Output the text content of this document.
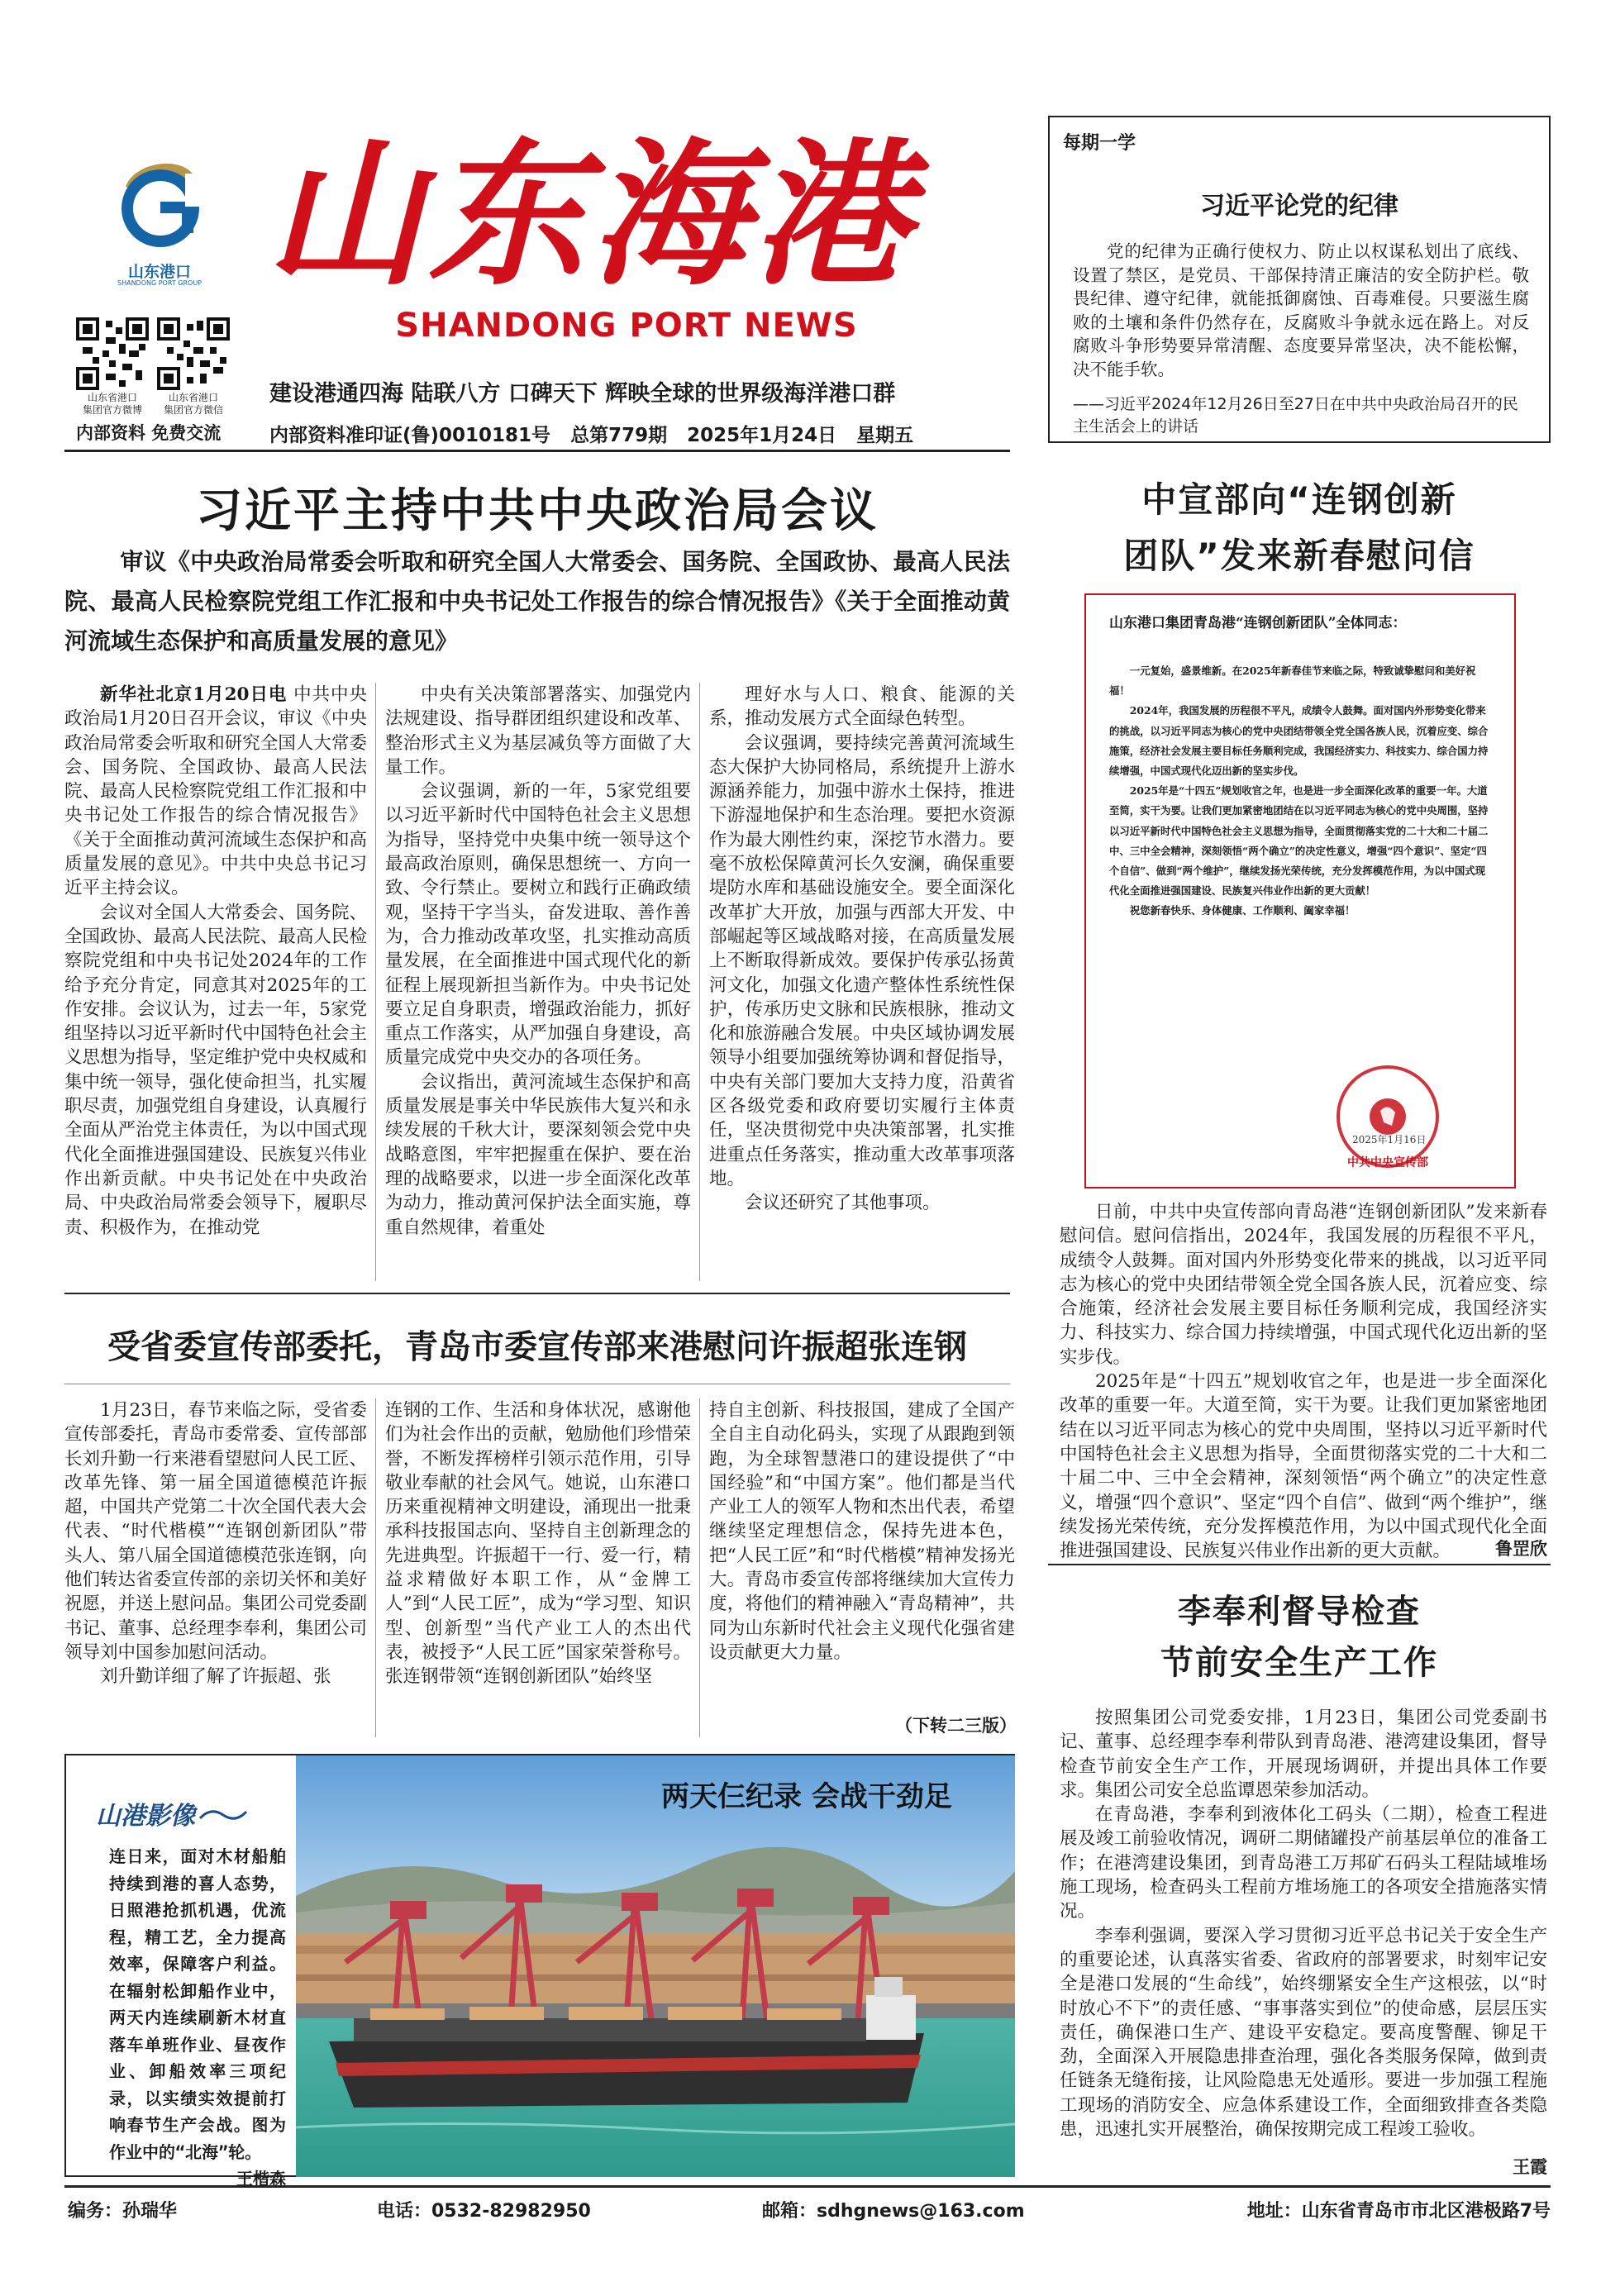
山东港口
SHANDONG PORT GROUP 山东海港
SHANDONG PORT NEWS
山东省港口
集团官方微博
山东省港口
集团官方微信
内部资料 免费交流
建设港通四海 陆联八方 口碑天下 辉映全球的世界级海洋港口群
内部资料准印证(鲁)0010181号 总第779期 2025年1月24日 星期五
每期一学
习近平论党的纪律
党的纪律为正确行使权力、防止以权谋私划出了底线、设置了禁区，是党员、干部保持清正廉洁的安全防护栏。敬畏纪律、遵守纪律，就能抵御腐蚀、百毒难侵。只要滋生腐败的土壤和条件仍然存在，反腐败斗争就永远在路上。对反腐败斗争形势要异常清醒、态度要异常坚决，决不能松懈，决不能手软。
——习近平2024年12月26日至27日在中共中央政治局召开的民主生活会上的讲话
习近平主持中共中央政治局会议
审议《中央政治局常委会听取和研究全国人大常委会、国务院、全国政协、最高人民法院、最高人民检察院党组工作汇报和中央书记处工作报告的综合情况报告》《关于全面推动黄河流域生态保护和高质量发展的意见》

新华社北京1月20日电 中共中央政治局1月20日召开会议，审议《中央政治局常委会听取和研究全国人大常委会、国务院、全国政协、最高人民法院、最高人民检察院党组工作汇报和中央书记处工作报告的综合情况报告》《关于全面推动黄河流域生态保护和高质量发展的意见》。中共中央总书记习近平主持会议。

会议对全国人大常委会、国务院、全国政协、最高人民法院、最高人民检察院党组和中央书记处2024年的工作给予充分肯定，同意其对2025年的工作安排。会议认为，过去一年，5家党组坚持以习近平新时代中国特色社会主义思想为指导，坚定维护党中央权威和集中统一领导，强化使命担当，扎实履职尽责，加强党组自身建设，认真履行全面从严治党主体责任，为以中国式现代化全面推进强国建设、民族复兴伟业作出新贡献。中央书记处在中央政治局、中央政治局常委会领导下，履职尽责、积极作为，在推动党

中央有关决策部署落实、加强党内法规建设、指导群团组织建设和改革、整治形式主义为基层减负等方面做了大量工作。

会议强调，新的一年，5家党组要以习近平新时代中国特色社会主义思想为指导，坚持党中央集中统一领导这个最高政治原则，确保思想统一、方向一致、令行禁止。要树立和践行正确政绩观，坚持干字当头，奋发进取、善作善为，合力推动改革攻坚，扎实推动高质量发展，在全面推进中国式现代化的新征程上展现新担当新作为。中央书记处要立足自身职责，增强政治能力，抓好重点工作落实，从严加强自身建设，高质量完成党中央交办的各项任务。

会议指出，黄河流域生态保护和高质量发展是事关中华民族伟大复兴和永续发展的千秋大计，要深刻领会党中央战略意图，牢牢把握重在保护、要在治理的战略要求，以进一步全面深化改革为动力，推动黄河保护法全面实施，尊重自然规律，着重处

理好水与人口、粮食、能源的关系，推动发展方式全面绿色转型。

会议强调，要持续完善黄河流域生态大保护大协同格局，系统提升上游水源涵养能力，加强中游水土保持，推进下游湿地保护和生态治理。要把水资源作为最大刚性约束，深挖节水潜力。要毫不放松保障黄河长久安澜，确保重要堤防水库和基础设施安全。要全面深化改革扩大开放，加强与西部大开发、中部崛起等区域战略对接，在高质量发展上不断取得新成效。要保护传承弘扬黄河文化，加强文化遗产整体性系统性保护，传承历史文脉和民族根脉，推动文化和旅游融合发展。中央区域协调发展领导小组要加强统筹协调和督促指导，中央有关部门要加大支持力度，沿黄省区各级党委和政府要切实履行主体责任，坚决贯彻党中央决策部署，扎实推进重点任务落实，推动重大改革事项落地。

会议还研究了其他事项。

受省委宣传部委托，青岛市委宣传部来港慰问许振超张连钢

1月23日，春节来临之际，受省委宣传部委托，青岛市委常委、宣传部部长刘升勤一行来港看望慰问人民工匠、改革先锋、第一届全国道德模范许振超，中国共产党第二十次全国代表大会代表、“时代楷模”“连钢创新团队”带头人、第八届全国道德模范张连钢，向他们转达省委宣传部的亲切关怀和美好祝愿，并送上慰问品。集团公司党委副书记、董事、总经理李奉利，集团公司领导刘中国参加慰问活动。

刘升勤详细了解了许振超、张

连钢的工作、生活和身体状况，感谢他们为社会作出的贡献，勉励他们珍惜荣誉，不断发挥榜样引领示范作用，引导敬业奉献的社会风气。她说，山东港口历来重视精神文明建设，涌现出一批秉承科技报国志向、坚持自主创新理念的先进典型。许振超干一行、爱一行，精益求精做好本职工作，从“金牌工人”到“人民工匠”，成为“学习型、知识型、创新型”当代产业工人的杰出代表，被授予“人民工匠”国家荣誉称号。张连钢带领“连钢创新团队”始终坚

持自主创新、科技报国，建成了全国产全自主自动化码头，实现了从跟跑到领跑，为全球智慧港口的建设提供了“中国经验”和“中国方案”。他们都是当代产业工人的领军人物和杰出代表，希望继续坚定理想信念，保持先进本色，把“人民工匠”和“时代楷模”精神发扬光大。青岛市委宣传部将继续加大宣传力度，将他们的精神融入“青岛精神”，共同为山东新时代社会主义现代化强省建设贡献更大力量。

（下转二三版）
山港影像
连日来，面对木材船舶持续到港的喜人态势，日照港抢抓机遇，优流程，精工艺，全力提高效率，保障客户利益。在辐射松卸船作业中，两天内连续刷新木材直落车单班作业、昼夜作业、卸船效率三项纪录，以实绩实效提前打响春节生产会战。图为作业中的“北海”轮。
王楷森
两天仨纪录 会战干劲足
中宣部向“连钢创新
团队”发来新春慰问信
山东港口集团青岛港“连钢创新团队”全体同志：

一元复始，盛景维新。在2025年新春佳节来临之际，特致诚挚慰问和美好祝福！

2024年，我国发展的历程很不平凡，成绩令人鼓舞。面对国内外形势变化带来的挑战，以习近平同志为核心的党中央团结带领全党全国各族人民，沉着应变、综合施策，经济社会发展主要目标任务顺利完成，我国经济实力、科技实力、综合国力持续增强，中国式现代化迈出新的坚实步伐。

2025年是“十四五”规划收官之年，也是进一步全面深化改革的重要一年。大道至简，实干为要。让我们更加紧密地团结在以习近平同志为核心的党中央周围，坚持以习近平新时代中国特色社会主义思想为指导，全面贯彻落实党的二十大和二十届二中、三中全会精神，深刻领悟“两个确立”的决定性意义，增强“四个意识”、坚定“四个自信”、做到“两个维护”，继续发扬光荣传统，充分发挥模范作用，为以中国式现代化全面推进强国建设、民族复兴伟业作出新的更大贡献！

祝您新春快乐、身体健康、工作顺利、阖家幸福！

中共中央宣传部
2025年1月16日

日前，中共中央宣传部向青岛港“连钢创新团队”发来新春慰问信。慰问信指出，2024年，我国发展的历程很不平凡，成绩令人鼓舞。面对国内外形势变化带来的挑战，以习近平同志为核心的党中央团结带领全党全国各族人民，沉着应变、综合施策，经济社会发展主要目标任务顺利完成，我国经济实力、科技实力、综合国力持续增强，中国式现代化迈出新的坚实步伐。

2025年是“十四五”规划收官之年，也是进一步全面深化改革的重要一年。大道至简，实干为要。让我们更加紧密地团结在以习近平同志为核心的党中央周围，坚持以习近平新时代中国特色社会主义思想为指导，全面贯彻落实党的二十大和二十届二中、三中全会精神，深刻领悟“两个确立”的决定性意义，增强“四个意识”、坚定“四个自信”、做到“两个维护”，继续发扬光荣传统，充分发挥模范作用，为以中国式现代化全面推进强国建设、民族复兴伟业作出新的更大贡献。	鲁罡欣
李奉利督导检查
节前安全生产工作

按照集团公司党委安排，1月23日，集团公司党委副书记、董事、总经理李奉利带队到青岛港、港湾建设集团，督导检查节前安全生产工作，开展现场调研，并提出具体工作要求。集团公司安全总监谭恩荣参加活动。

在青岛港，李奉利到液体化工码头（二期），检查工程进展及竣工前验收情况，调研二期储罐投产前基层单位的准备工作；在港湾建设集团，到青岛港工万邦矿石码头工程陆域堆场施工现场，检查码头工程前方堆场施工的各项安全措施落实情况。

李奉利强调，要深入学习贯彻习近平总书记关于安全生产的重要论述，认真落实省委、省政府的部署要求，时刻牢记安全是港口发展的“生命线”，始终绷紧安全生产这根弦，以“时时放心不下”的责任感、“事事落实到位”的使命感，层层压实责任，确保港口生产、建设平安稳定。要高度警醒、铆足干劲，全面深入开展隐患排查治理，强化各类服务保障，做到责任链条无缝衔接，让风险隐患无处遁形。要进一步加强工程施工现场的消防安全、应急体系建设工作，全面细致排查各类隐患，迅速扎实开展整治，确保按期完成工程竣工验收。

王霞
编务：孙瑞华	电话：0532-82982950	邮箱：sdhgnews@163.com	地址：山东省青岛市市北区港极路7号
